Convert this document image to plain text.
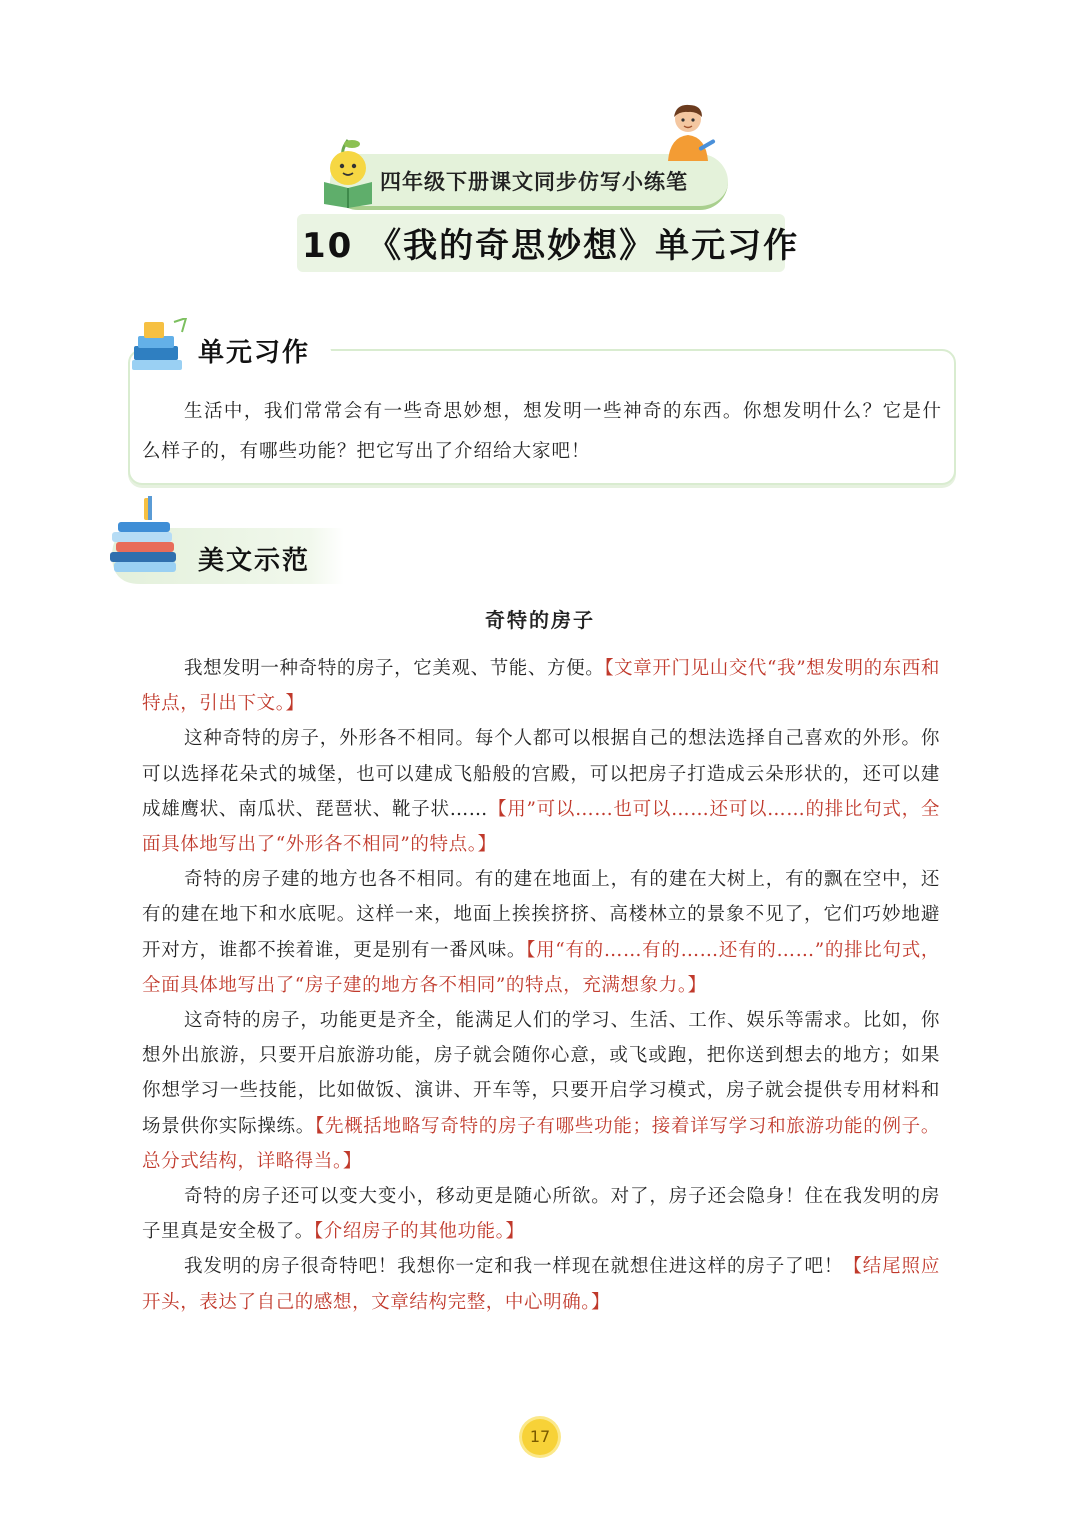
四年级下册课文同步仿写小练笔
10 《我的奇思妙想》单元习作
单元习作
生活中，我们常常会有一些奇思妙想，想发明一些神奇的东西。你想发明什么？它是什么样子的，有哪些功能？把它写出了介绍给大家吧！
美文示范
奇特的房子

我想发明一种奇特的房子，它美观、节能、方便。【文章开门见山交代“我”想发明的东西和特点，引出下文。】

这种奇特的房子，外形各不相同。每个人都可以根据自己的想法选择自己喜欢的外形。你可以选择花朵式的城堡，也可以建成飞船般的宫殿，可以把房子打造成云朵形状的，还可以建成雄鹰状、南瓜状、琵琶状、靴子状……【用”可以……也可以……还可以……的排比句式，全面具体地写出了“外形各不相同”的特点。】

奇特的房子建的地方也各不相同。有的建在地面上，有的建在大树上，有的飘在空中，还有的建在地下和水底呢。这样一来，地面上挨挨挤挤、高楼林立的景象不见了，它们巧妙地避开对方，谁都不挨着谁，更是别有一番风味。【用“有的……有的……还有的……”的排比句式，全面具体地写出了“房子建的地方各不相同”的特点，充满想象力。】

这奇特的房子，功能更是齐全，能满足人们的学习、生活、工作、娱乐等需求。比如，你想外出旅游，只要开启旅游功能，房子就会随你心意，或飞或跑，把你送到想去的地方；如果你想学习一些技能，比如做饭、演讲、开车等，只要开启学习模式，房子就会提供专用材料和场景供你实际操练。【先概括地略写奇特的房子有哪些功能；接着详写学习和旅游功能的例子。总分式结构，详略得当。】

奇特的房子还可以变大变小，移动更是随心所欲。对了，房子还会隐身！住在我发明的房子里真是安全极了。【介绍房子的其他功能。】

我发明的房子很奇特吧！我想你一定和我一样现在就想住进这样的房子了吧！【结尾照应开头，表达了自己的感想，文章结构完整，中心明确。】

17
